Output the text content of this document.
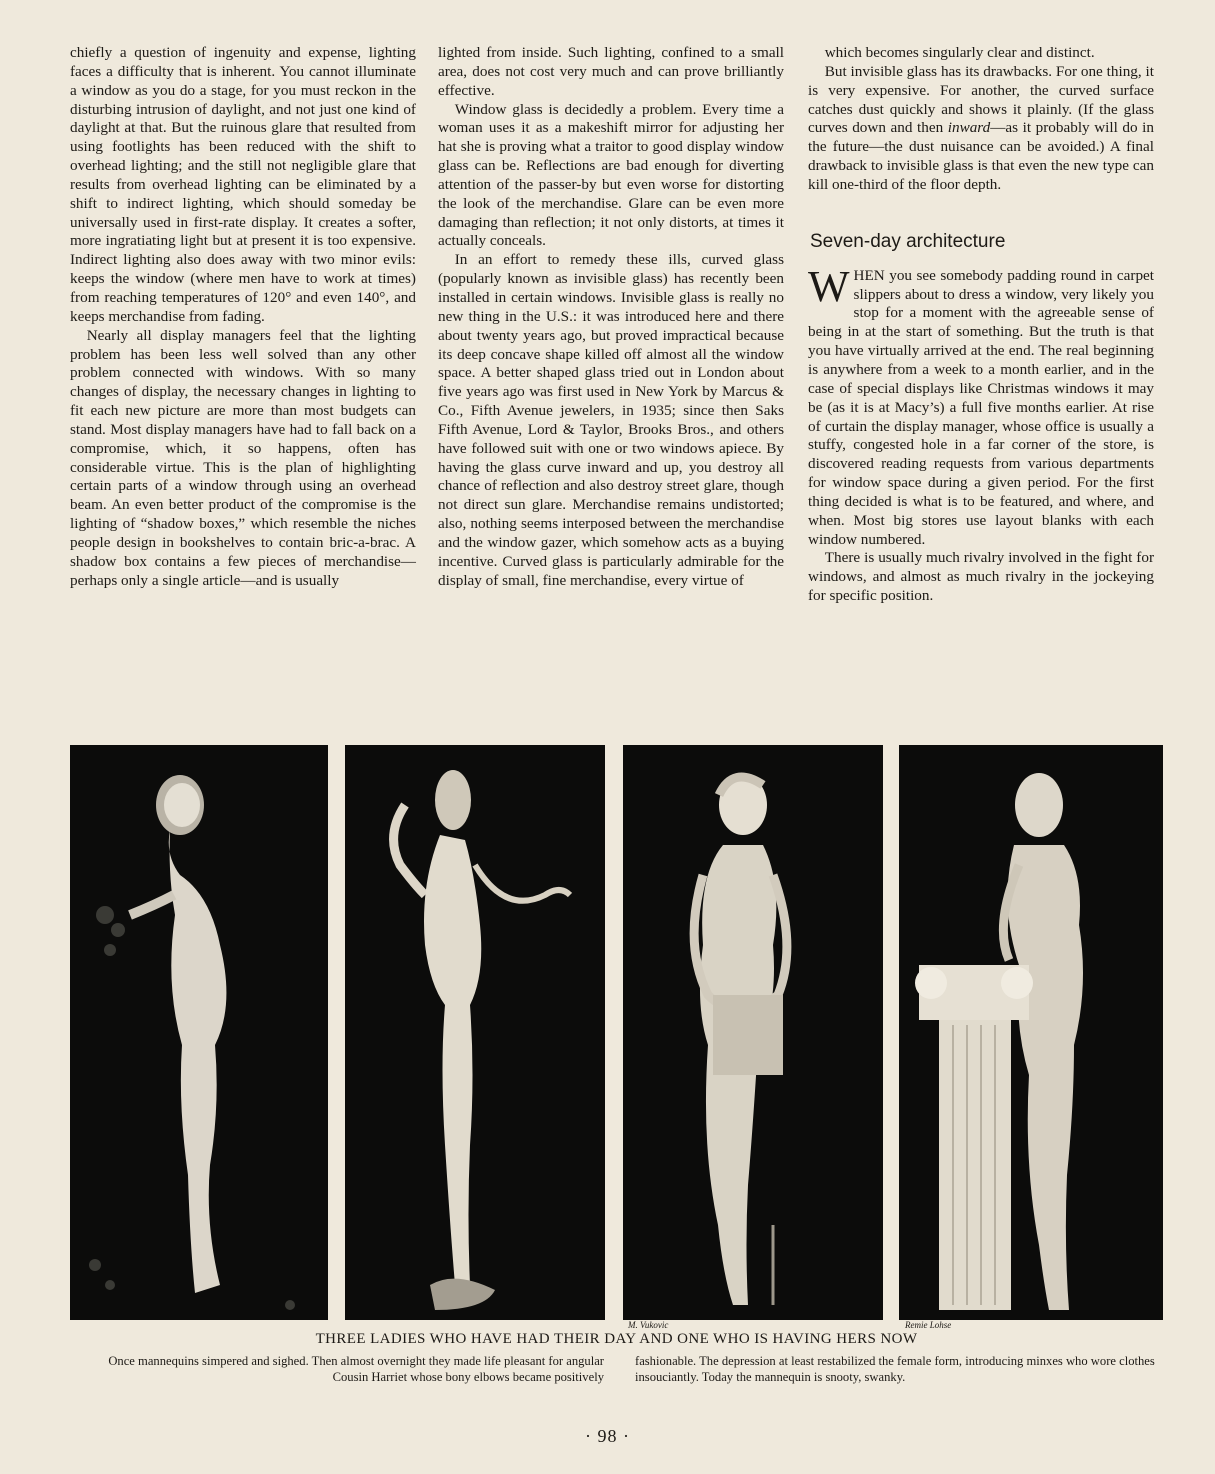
chiefly a question of ingenuity and expense, lighting faces a difficulty that is inherent. You cannot illuminate a window as you do a stage, for you must reckon in the disturbing intrusion of daylight, and not just one kind of daylight at that. But the ruinous glare that resulted from using footlights has been reduced with the shift to overhead lighting; and the still not negligible glare that results from overhead lighting can be eliminated by a shift to indirect lighting, which should someday be universally used in first-rate display. It creates a softer, more ingratiating light but at present it is too expensive. Indirect lighting also does away with two minor evils: keeps the window (where men have to work at times) from reaching temperatures of 120° and even 140°, and keeps merchandise from fading.

Nearly all display managers feel that the lighting problem has been less well solved than any other problem connected with windows. With so many changes of display, the necessary changes in lighting to fit each new picture are more than most budgets can stand. Most display managers have had to fall back on a compromise, which, it so happens, often has considerable virtue. This is the plan of highlighting certain parts of a window through using an overhead beam. An even better product of the compromise is the lighting of “shadow boxes,” which resemble the niches people design in bookshelves to contain bric-a-brac. A shadow box contains a few pieces of merchandise—perhaps only a single article—and is usually

lighted from inside. Such lighting, confined to a small area, does not cost very much and can prove brilliantly effective.

Window glass is decidedly a problem. Every time a woman uses it as a makeshift mirror for adjusting her hat she is proving what a traitor to good display window glass can be. Reflections are bad enough for diverting attention of the passer-by but even worse for distorting the look of the merchandise. Glare can be even more damaging than reflection; it not only distorts, at times it actually conceals.

In an effort to remedy these ills, curved glass (popularly known as invisible glass) has recently been installed in certain windows. Invisible glass is really no new thing in the U.S.: it was introduced here and there about twenty years ago, but proved impractical because its deep concave shape killed off almost all the window space. A better shaped glass tried out in London about five years ago was first used in New York by Marcus & Co., Fifth Avenue jewelers, in 1935; since then Saks Fifth Avenue, Lord & Taylor, Brooks Bros., and others have followed suit with one or two windows apiece. By having the glass curve inward and up, you destroy all chance of reflection and also destroy street glare, though not direct sun glare. Merchandise remains undistorted; also, nothing seems interposed between the merchandise and the window gazer, which somehow acts as a buying incentive. Curved glass is particularly admirable for the display of small, fine merchandise, every virtue of

which becomes singularly clear and distinct.

But invisible glass has its drawbacks. For one thing, it is very expensive. For another, the curved surface catches dust quickly and shows it plainly. (If the glass curves down and then inward—as it probably will do in the future—the dust nuisance can be avoided.) A final drawback to invisible glass is that even the new type can kill one-third of the floor depth.

Seven-day architecture

WHEN you see somebody padding round in carpet slippers about to dress a window, very likely you stop for a moment with the agreeable sense of being in at the start of something. But the truth is that you have virtually arrived at the end. The real beginning is anywhere from a week to a month earlier, and in the case of special displays like Christmas windows it may be (as it is at Macy’s) a full five months earlier. At rise of curtain the display manager, whose office is usually a stuffy, congested hole in a far corner of the store, is discovered reading requests from various departments for window space during a given period. For the first thing decided is what is to be featured, and where, and when. Most big stores use layout blanks with each window numbered.

There is usually much rivalry involved in the fight for windows, and almost as much rivalry in the jockeying for specific position.

M. Vukovic	Remie Lohse
THREE LADIES WHO HAVE HAD THEIR DAY AND ONE WHO IS HAVING HERS NOW
Once mannequins simpered and sighed. Then almost overnight they made life pleasant for angular Cousin Harriet whose bony elbows became positively
fashionable. The depression at least restabilized the female form, introducing minxes who wore clothes insouciantly. Today the mannequin is snooty, swanky.
· 98 ·
